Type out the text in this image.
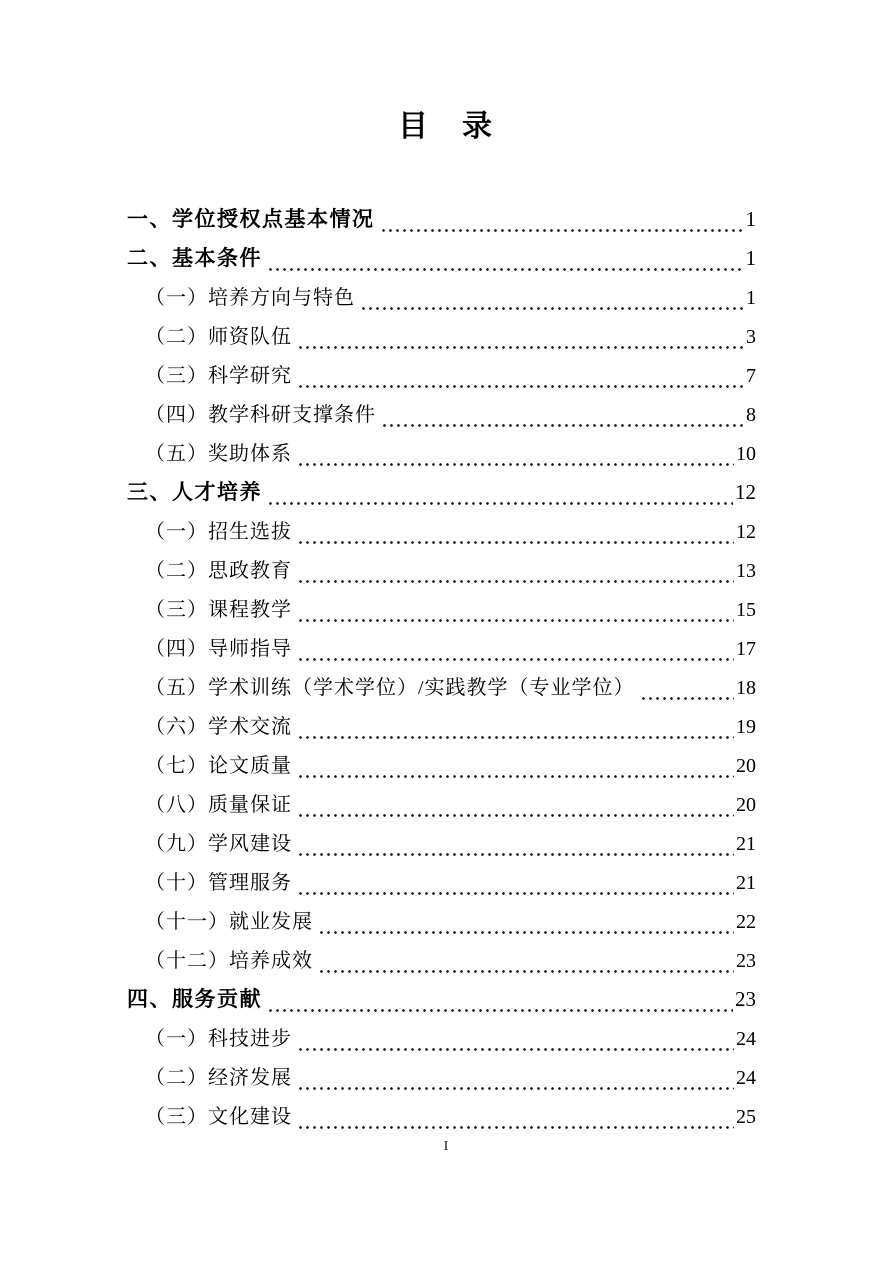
目　录
一、学位授权点基本情况	1
二、基本条件	1
（一）培养方向与特色	1
（二）师资队伍	3
（三）科学研究	7
（四）教学科研支撑条件	8
（五）奖助体系	10
三、人才培养	12
（一）招生选拔	12
（二）思政教育	13
（三）课程教学	15
（四）导师指导	17
（五）学术训练（学术学位）/实践教学（专业学位）	18
（六）学术交流	19
（七）论文质量	20
（八）质量保证	20
（九）学风建设	21
（十）管理服务	21
（十一）就业发展	22
（十二）培养成效	23
四、服务贡献	23
（一）科技进步	24
（二）经济发展	24
（三）文化建设	25
I
